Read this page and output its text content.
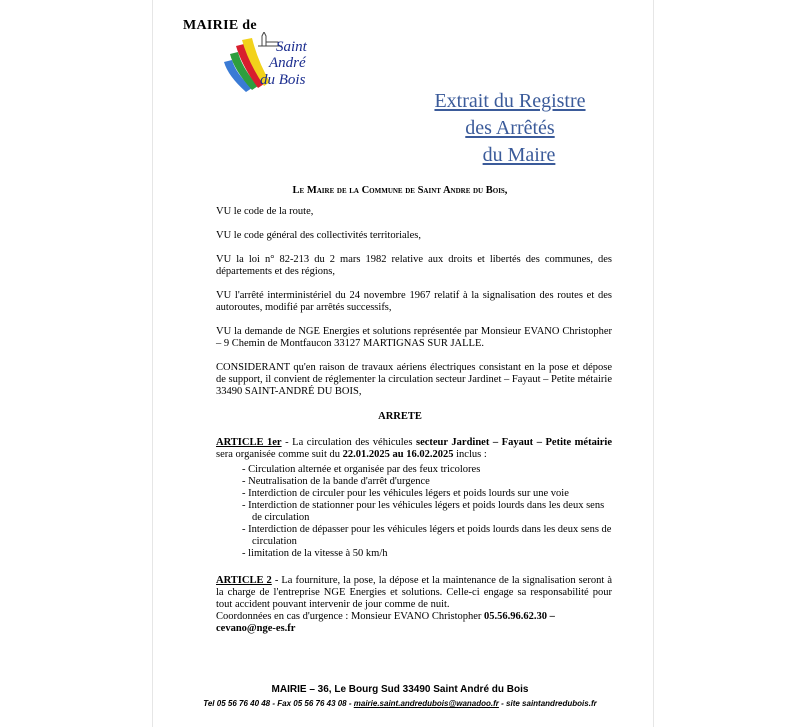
MAIRIE de
Saint
André
du Bois
Extrait du Registre
des Arrêtés
du Maire
Le Maire de la Commune de Saint Andre du Bois,
VU le code de la route,
VU le code général des collectivités territoriales,
VU la loi n° 82-213 du 2 mars 1982 relative aux droits et libertés des communes, des départements et des régions,
VU l'arrêté interministériel du 24 novembre 1967 relatif à la signalisation des routes et des autoroutes, modifié par arrêtés successifs,
VU la demande de NGE Energies et solutions représentée par Monsieur EVANO Christopher – 9 Chemin de Montfaucon 33127 MARTIGNAS SUR JALLE.
CONSIDERANT qu'en raison de travaux aériens électriques consistant en la pose et dépose de support, il convient de réglementer la circulation secteur Jardinet – Fayaut – Petite métairie 33490 SAINT-ANDRÉ DU BOIS,
ARRETE
ARTICLE 1er - La circulation des véhicules secteur Jardinet – Fayaut – Petite métairie sera organisée comme suit du 22.01.2025 au 16.02.2025 inclus :
- Circulation alternée et organisée par des feux tricolores
- Neutralisation de la bande d'arrêt d'urgence
- Interdiction de circuler pour les véhicules légers et poids lourds sur une voie
- Interdiction de stationner pour les véhicules légers et poids lourds dans les deux sens de circulation
- Interdiction de dépasser pour les véhicules légers et poids lourds dans les deux sens de circulation
- limitation de la vitesse à 50 km/h
ARTICLE 2 - La fourniture, la pose, la dépose et la maintenance de la signalisation seront à la charge de l'entreprise NGE Energies et solutions. Celle-ci engage sa responsabilité pour tout accident pouvant intervenir de jour comme de nuit.
Coordonnées en cas d'urgence : Monsieur EVANO Christopher 05.56.96.62.30 –
cevano@nge-es.fr
MAIRIE – 36, Le Bourg Sud 33490 Saint André du Bois
Tel 05 56 76 40 48 - Fax 05 56 76 43 08 - mairie.saint.andredubois@wanadoo.fr - site saintandredubois.fr
